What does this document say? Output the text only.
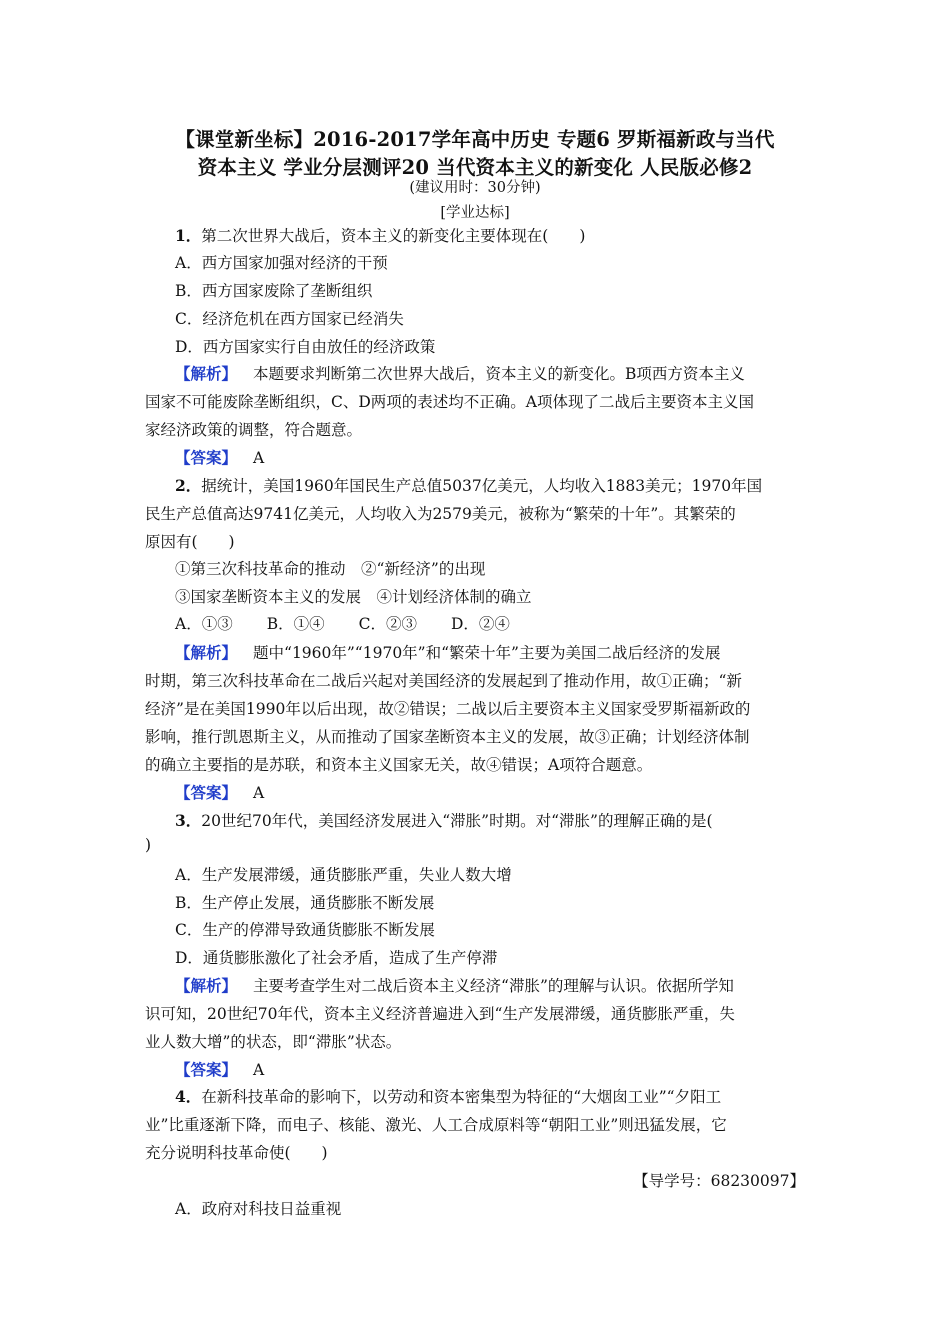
【课堂新坐标】2016-2017学年高中历史 专题6 罗斯福新政与当代
资本主义 学业分层测评20 当代资本主义的新变化 人民版必修2
(建议用时：30分钟)
[学业达标]
1．第二次世界大战后，资本主义的新变化主要体现在(　　)
A．西方国家加强对经济的干预
B．西方国家废除了垄断组织
C．经济危机在西方国家已经消失
D．西方国家实行自由放任的经济政策
【解析】 本题要求判断第二次世界大战后，资本主义的新变化。B项西方资本主义
国家不可能废除垄断组织，C、D两项的表述均不正确。A项体现了二战后主要资本主义国
家经济政策的调整，符合题意。
【答案】 A
2．据统计，美国1960年国民生产总值5037亿美元，人均收入1883美元；1970年国
民生产总值高达9741亿美元，人均收入为2579美元，被称为“繁荣的十年”。其繁荣的
原因有(　　)
①第三次科技革命的推动　②“新经济”的出现
③国家垄断资本主义的发展　④计划经济体制的确立
A．①③ B．①④ C．②③ D．②④
【解析】 题中“1960年”“1970年”和“繁荣十年”主要为美国二战后经济的发展
时期，第三次科技革命在二战后兴起对美国经济的发展起到了推动作用，故①正确；“新
经济”是在美国1990年以后出现，故②错误；二战以后主要资本主义国家受罗斯福新政的
影响，推行凯恩斯主义，从而推动了国家垄断资本主义的发展，故③正确；计划经济体制
的确立主要指的是苏联，和资本主义国家无关，故④错误；A项符合题意。
【答案】 A
3．20世纪70年代，美国经济发展进入“滞胀”时期。对“滞胀”的理解正确的是(
)
A．生产发展滞缓，通货膨胀严重，失业人数大增
B．生产停止发展，通货膨胀不断发展
C．生产的停滞导致通货膨胀不断发展
D．通货膨胀激化了社会矛盾，造成了生产停滞
【解析】 主要考查学生对二战后资本主义经济“滞胀”的理解与认识。依据所学知
识可知，20世纪70年代，资本主义经济普遍进入到“生产发展滞缓，通货膨胀严重，失
业人数大增”的状态，即“滞胀”状态。
【答案】 A
4．在新科技革命的影响下，以劳动和资本密集型为特征的“大烟囱工业”“夕阳工
业”比重逐渐下降，而电子、核能、激光、人工合成原料等“朝阳工业”则迅猛发展，它
充分说明科技革命使(　　)
【导学号：68230097】
A．政府对科技日益重视
